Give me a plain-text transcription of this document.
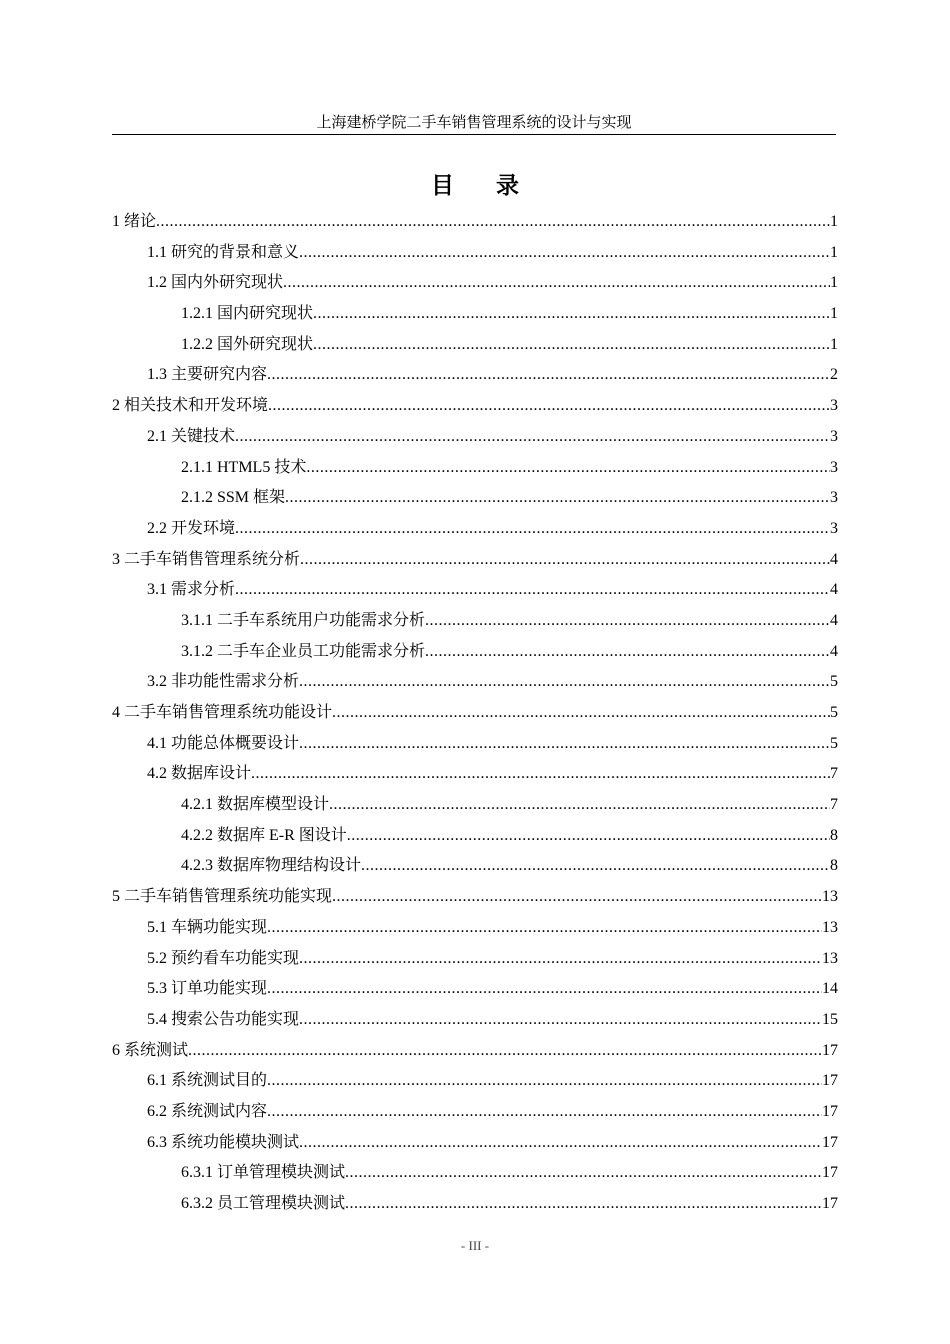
上海建桥学院二手车销售管理系统的设计与实现
目录
1 绪论 .....	1
1.1 研究的背景和意义 .....	1
1.2 国内外研究现状 .....	1
1.2.1 国内研究现状 .....	1
1.2.2 国外研究现状 .....	1
1.3 主要研究内容 .....	2
2 相关技术和开发环境 .....	3
2.1 关键技术 .....	3
2.1.1 HTML5 技术 .....	3
2.1.2 SSM 框架 .....	3
2.2 开发环境 .....	3
3 二手车销售管理系统分析 .....	4
3.1 需求分析 .....	4
3.1.1 二手车系统用户功能需求分析 .....	4
3.1.2 二手车企业员工功能需求分析 .....	4
3.2 非功能性需求分析 .....	5
4 二手车销售管理系统功能设计 .....	5
4.1 功能总体概要设计 .....	5
4.2 数据库设计 .....	7
4.2.1 数据库模型设计 .....	7
4.2.2 数据库 E-R 图设计 .....	8
4.2.3 数据库物理结构设计 .....	8
5 二手车销售管理系统功能实现 .....	13
5.1 车辆功能实现 .....	13
5.2 预约看车功能实现 .....	13
5.3 订单功能实现 .....	14
5.4 搜索公告功能实现 .....	15
6 系统测试 .....	17
6.1 系统测试目的 .....	17
6.2 系统测试内容 .....	17
6.3 系统功能模块测试 .....	17
6.3.1 订单管理模块测试 .....	17
6.3.2 员工管理模块测试 .....	17
- III -
